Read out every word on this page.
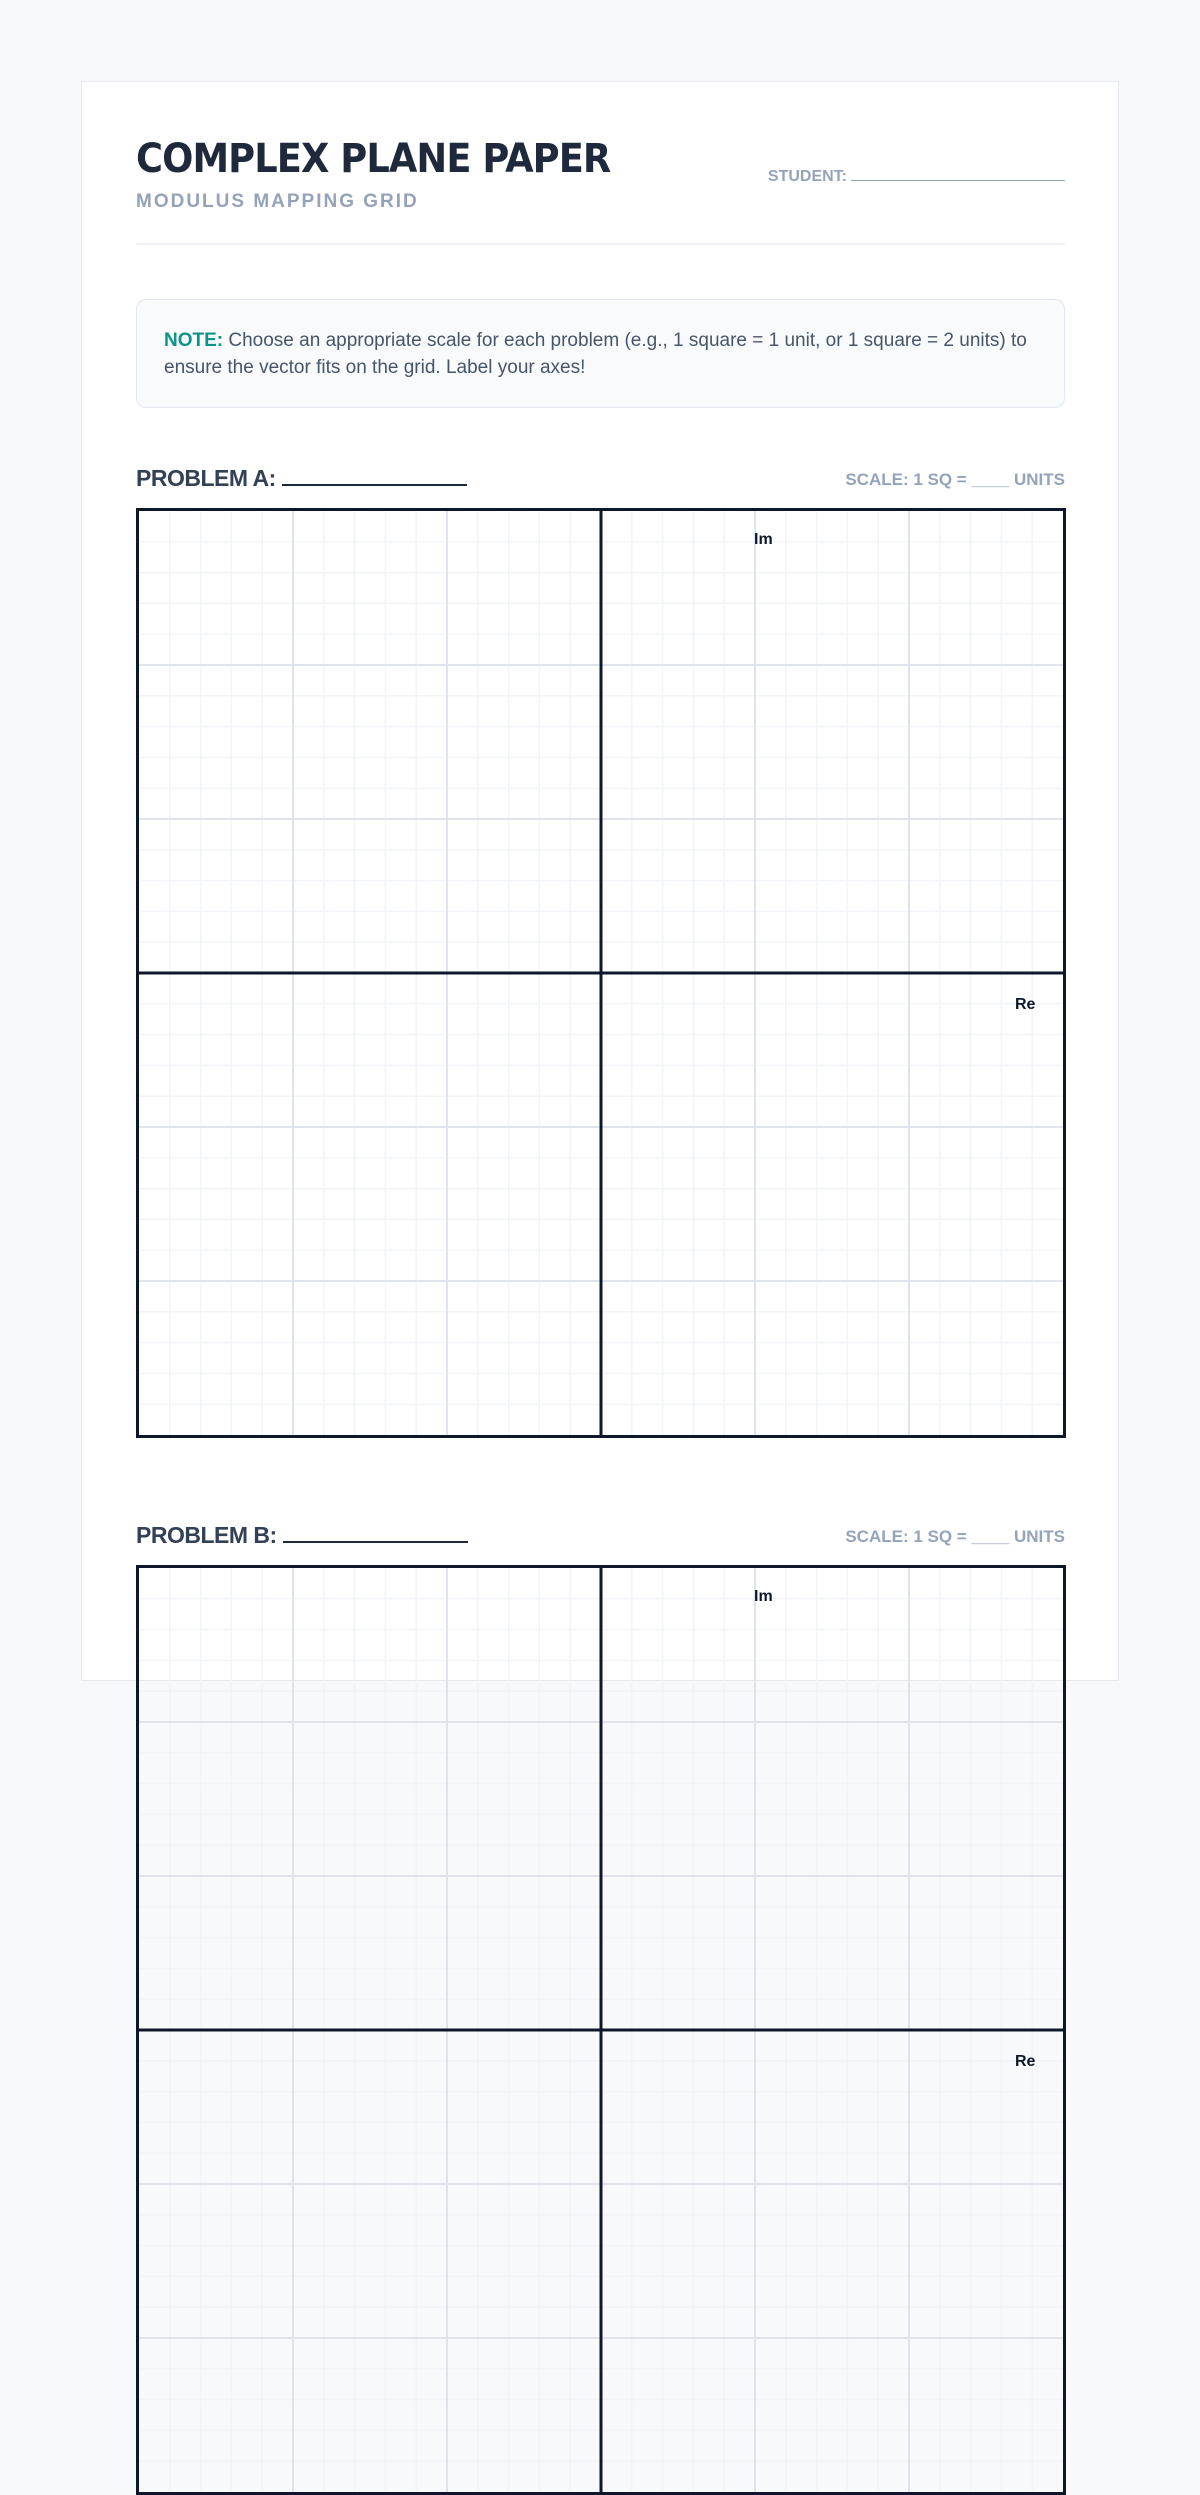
COMPLEX PLANE PAPER
MODULUS MAPPING GRID
STUDENT:
NOTE: Choose an appropriate scale for each problem (e.g., 1 square = 1 unit, or 1 square = 2 units) to ensure the vector fits on the grid. Label your axes!
PROBLEM A:	SCALE: 1 SQ = ____ UNITS
Im
Re
PROBLEM B:	SCALE: 1 SQ = ____ UNITS
Im
Re
